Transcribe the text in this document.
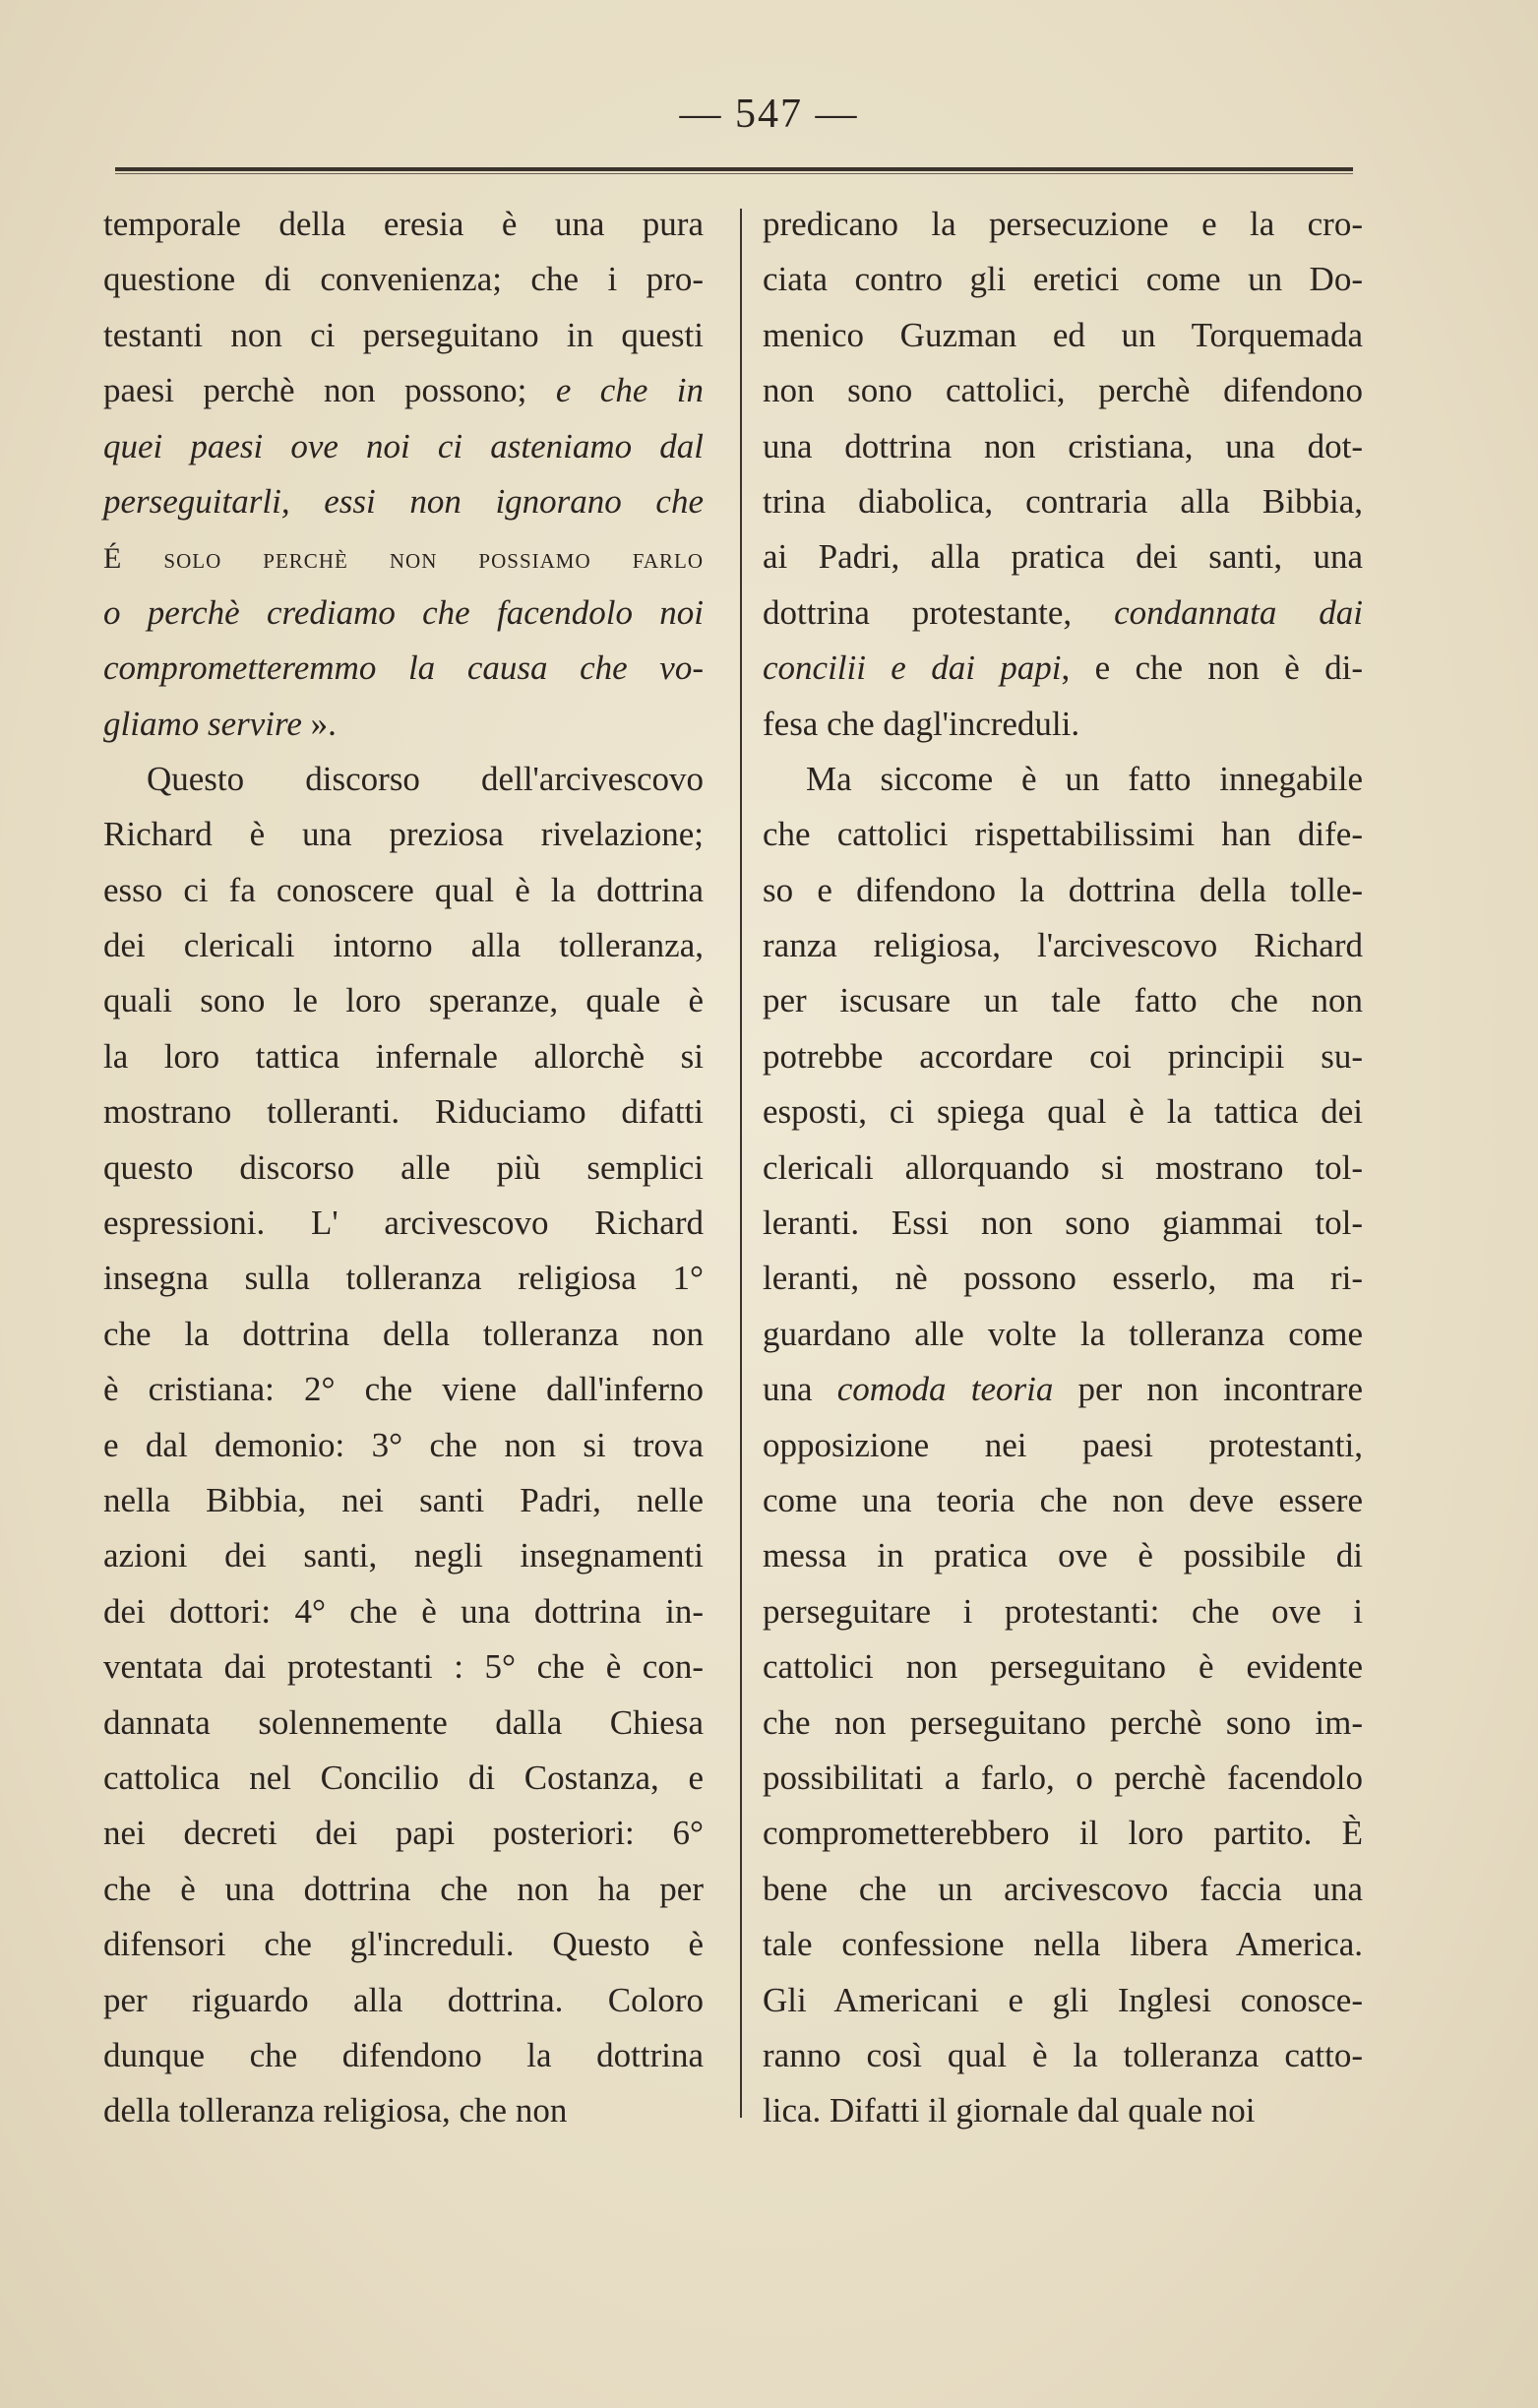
— 547 —
temporale della eresia è una pura
questione di convenienza; che i pro-
testanti non ci perseguitano in questi
paesi perchè non possono; e che in
quei paesi ove noi ci asteniamo dal
perseguitarli, essi non ignorano che
É solo perchè non possiamo farlo
o perchè crediamo che facendolo noi
comprometteremmo la causa che vo-
gliamo servire ».
Questo discorso dell'arcivescovo
Richard è una preziosa rivelazione;
esso ci fa conoscere qual è la dottrina
dei clericali intorno alla tolleranza,
quali sono le loro speranze, quale è
la loro tattica infernale allorchè si
mostrano tolleranti. Riduciamo difatti
questo discorso alle più semplici
espressioni. L' arcivescovo Richard
insegna sulla tolleranza religiosa 1°
che la dottrina della tolleranza non
è cristiana: 2° che viene dall'inferno
e dal demonio: 3° che non si trova
nella Bibbia, nei santi Padri, nelle
azioni dei santi, negli insegnamenti
dei dottori: 4° che è una dottrina in-
ventata dai protestanti : 5° che è con-
dannata solennemente dalla Chiesa
cattolica nel Concilio di Costanza, e
nei decreti dei papi posteriori: 6°
che è una dottrina che non ha per
difensori che gl'increduli. Questo è
per riguardo alla dottrina. Coloro
dunque che difendono la dottrina
della tolleranza religiosa, che non
predicano la persecuzione e la cro-
ciata contro gli eretici come un Do-
menico Guzman ed un Torquemada
non sono cattolici, perchè difendono
una dottrina non cristiana, una dot-
trina diabolica, contraria alla Bibbia,
ai Padri, alla pratica dei santi, una
dottrina protestante, condannata dai
concilii e dai papi, e che non è di-
fesa che dagl'increduli.
Ma siccome è un fatto innegabile
che cattolici rispettabilissimi han dife-
so e difendono la dottrina della tolle-
ranza religiosa, l'arcivescovo Richard
per iscusare un tale fatto che non
potrebbe accordare coi principii su-
esposti, ci spiega qual è la tattica dei
clericali allorquando si mostrano tol-
leranti. Essi non sono giammai tol-
leranti, nè possono esserlo, ma ri-
guardano alle volte la tolleranza come
una comoda teoria per non incontrare
opposizione nei paesi protestanti,
come una teoria che non deve essere
messa in pratica ove è possibile di
perseguitare i protestanti: che ove i
cattolici non perseguitano è evidente
che non perseguitano perchè sono im-
possibilitati a farlo, o perchè facendolo
comprometterebbero il loro partito. È
bene che un arcivescovo faccia una
tale confessione nella libera America.
Gli Americani e gli Inglesi conosce-
ranno così qual è la tolleranza catto-
lica. Difatti il giornale dal quale noi
